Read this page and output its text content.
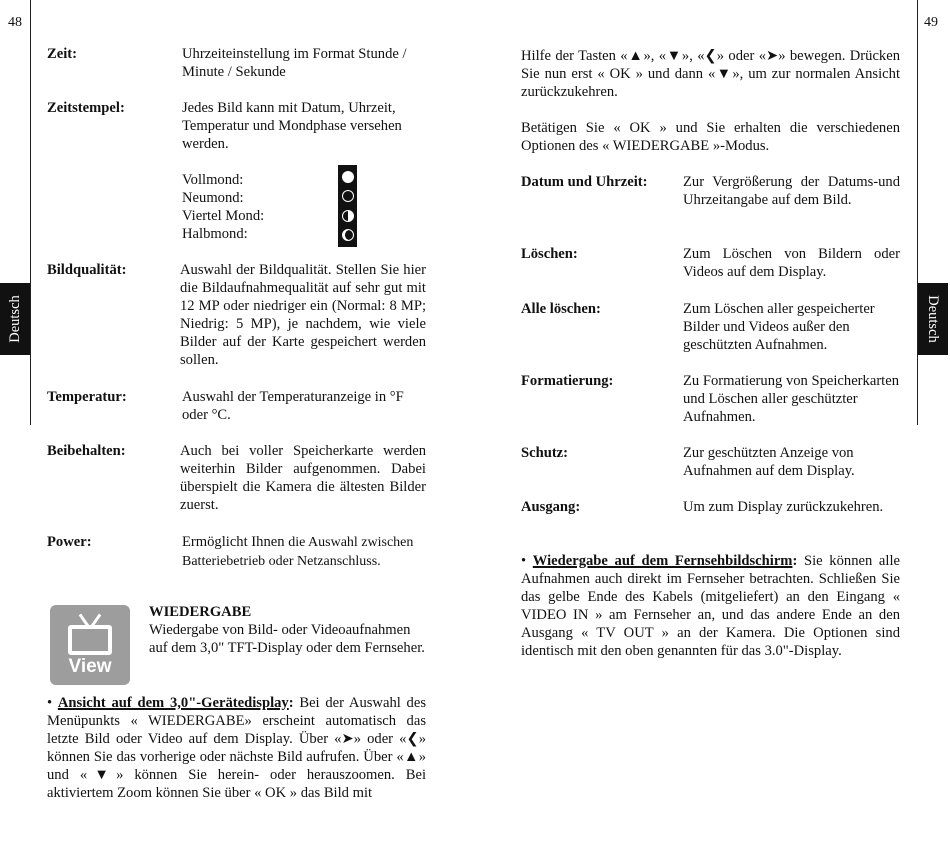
48	49
Deutsch	Deutsch
Zeit:	Uhrzeiteinstellung im Format Stunde /
Minute / Sekunde
Zeitstempel:	Jedes Bild kann mit Datum, Uhrzeit,
Temperatur und Mondphase versehen
werden.
Vollmond:
Neumond:
Viertel Mond:
Halbmond:
Bildqualität:	Auswahl der Bildqualität. Stellen Sie hier die Bildaufnahmequalität auf sehr gut mit 12 MP oder niedriger ein (Normal: 8 MP; Niedrig: 5 MP), je nachdem, wie viele Bilder auf der Karte gespeichert werden sollen.
Temperatur:	Auswahl der Temperaturanzeige in °F
oder °C.
Beibehalten:	Auch bei voller Speicherkarte werden weiterhin Bilder aufgenommen. Dabei überspielt die Kamera die ältesten Bilder zuerst.
Power:	Ermöglicht Ihnen die Auswahl zwischen
Batteriebetrieb oder Netzanschluss.
View
WIEDERGABE
Wiedergabe von Bild- oder Videoaufnahmen auf dem 3,0" TFT-Display oder dem Fernseher.
• Ansicht auf dem 3,0"-Gerätedisplay: Bei der Auswahl des Menüpunkts « WIEDERGABE» erscheint automatisch das letzte Bild oder Video auf dem Display. Über «➤» oder «❮» können Sie das vorherige oder nächste Bild aufrufen. Über «▲» und «▼» können Sie herein- oder herauszoomen. Bei aktiviertem Zoom können Sie über « OK » das Bild mit
Hilfe der Tasten «▲», «▼», «❮» oder «➤» bewegen. Drücken Sie nun erst « OK » und dann «▼», um zur normalen Ansicht zurückzukehren.
Betätigen Sie « OK » und Sie erhalten die verschiedenen Optionen des « WIEDERGABE »-Modus.
Datum und Uhrzeit: Zur Vergrößerung der Datums-und Uhrzeitangabe auf dem Bild.
Löschen:	Zum Löschen von Bildern oder Videos auf dem Display.
Alle löschen:	Zum Löschen aller gespeicherter
Bilder und Videos außer den
geschützten Aufnahmen.
Formatierung:	Zu Formatierung von Speicherkarten
und Löschen aller geschützter
Aufnahmen.
Schutz:	Zur geschützten Anzeige von
Aufnahmen auf dem Display.
Ausgang:	Um zum Display zurückzukehren.
• Wiedergabe auf dem Fernsehbildschirm: Sie können alle Aufnahmen auch direkt im Fernseher betrachten. Schließen Sie das gelbe Ende des Kabels (mitgeliefert) an den Eingang « VIDEO IN » am Fernseher an, und das andere Ende an den Ausgang « TV OUT » an der Kamera. Die Optionen sind identisch mit den oben genannten für das 3.0"-Display.
